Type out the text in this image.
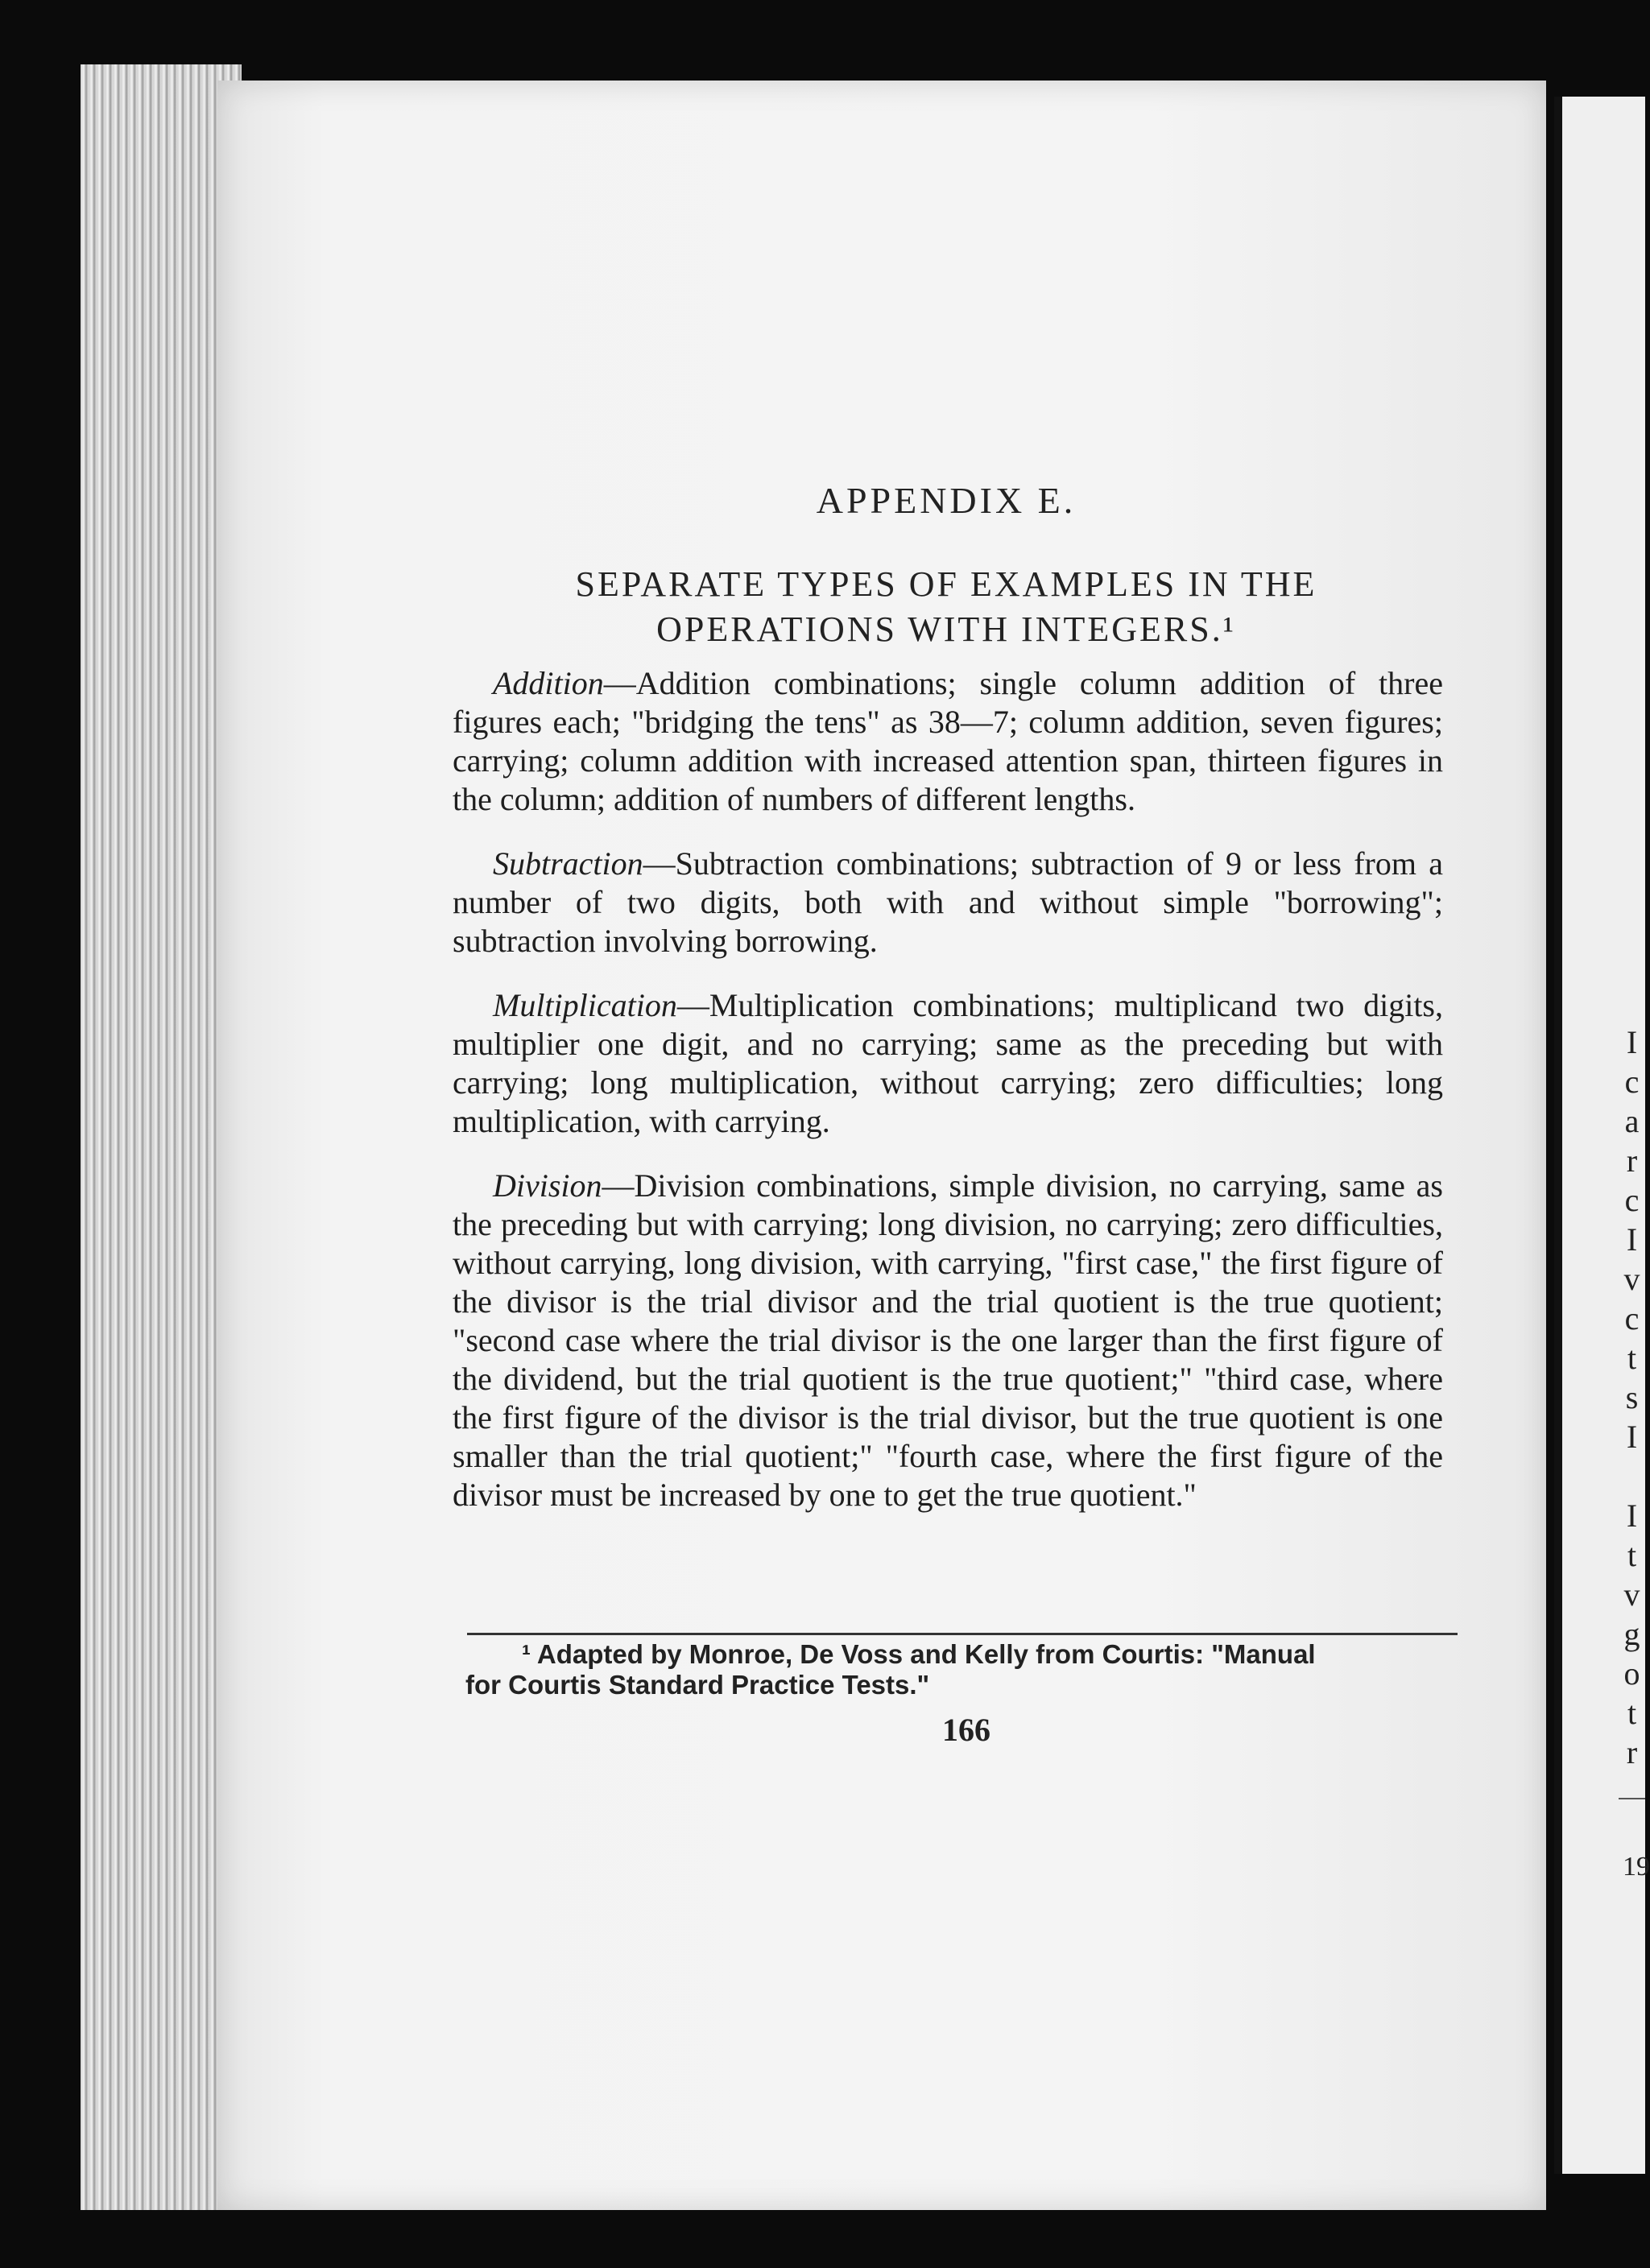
I
c
a
r
c
I
v
c
t
s
I

I
t
v
g
o
t
r
19
APPENDIX E.
SEPARATE TYPES OF EXAMPLES IN THE
OPERATIONS WITH INTEGERS.¹

Addition—Addition combinations; single column addition of three figures each; "bridging the tens" as 38—7; column addition, seven figures; carrying; column addition with increased attention span, thirteen figures in the column; addition of numbers of different lengths.

Subtraction—Subtraction combinations; subtraction of 9 or less from a number of two digits, both with and without simple "borrowing"; subtraction involving borrowing.

Multiplication—Multiplication combinations; multiplicand two digits, multiplier one digit, and no carrying; same as the preceding but with carrying; long multiplication, without carrying; zero difficulties; long multiplication, with carrying.

Division—Division combinations, simple division, no carrying, same as the preceding but with carrying; long division, no carrying; zero difficulties, without carrying, long division, with carrying, "first case," the first figure of the divisor is the trial divisor and the trial quotient is the true quotient; "second case where the trial divisor is the one larger than the first figure of the dividend, but the trial quotient is the true quotient;" "third case, where the first figure of the divisor is the trial divisor, but the true quotient is one smaller than the trial quotient;" "fourth case, where the first figure of the divisor must be increased by one to get the true quotient."

¹ Adapted by Monroe, De Voss and Kelly from Courtis: "Manual
for Courtis Standard Practice Tests."
166
